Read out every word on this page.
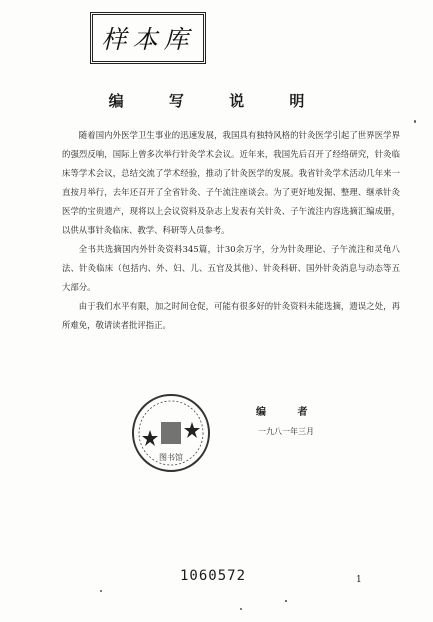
样本库
编 写 说 明

随着国内外医学卫生事业的迅速发展，我国具有独特风格的针灸医学引起了世界医学界的强烈反响，国际上曾多次举行针灸学术会议。近年来，我国先后召开了经络研究，针灸临床等学术会议，总结交流了学术经验，推动了针灸医学的发展。我省针灸学术活动几年来一直按月举行，去年还召开了全省针灸、子午流注座谈会。为了更好地发掘、整理、继承针灸医学的宝贵遗产，现将以上会议资料及杂志上发表有关针灸、子午流注内容选摘汇编成册，以供从事针灸临床、教学、科研等人员参考。

全书共选摘国内外针灸资料345篇，计30余万字，分为针灸理论、子午流注和灵龟八法、针灸临床（包括内、外、妇、儿、五官及其他）、针灸科研、国外针灸消息与动态等五大部分。

由于我们水平有限，加之时间仓促，可能有很多好的针灸资料未能选摘，遗误之处，再所难免，敬请读者批评指正。

编 者
一九八一年三月
图书馆
1060572	1
